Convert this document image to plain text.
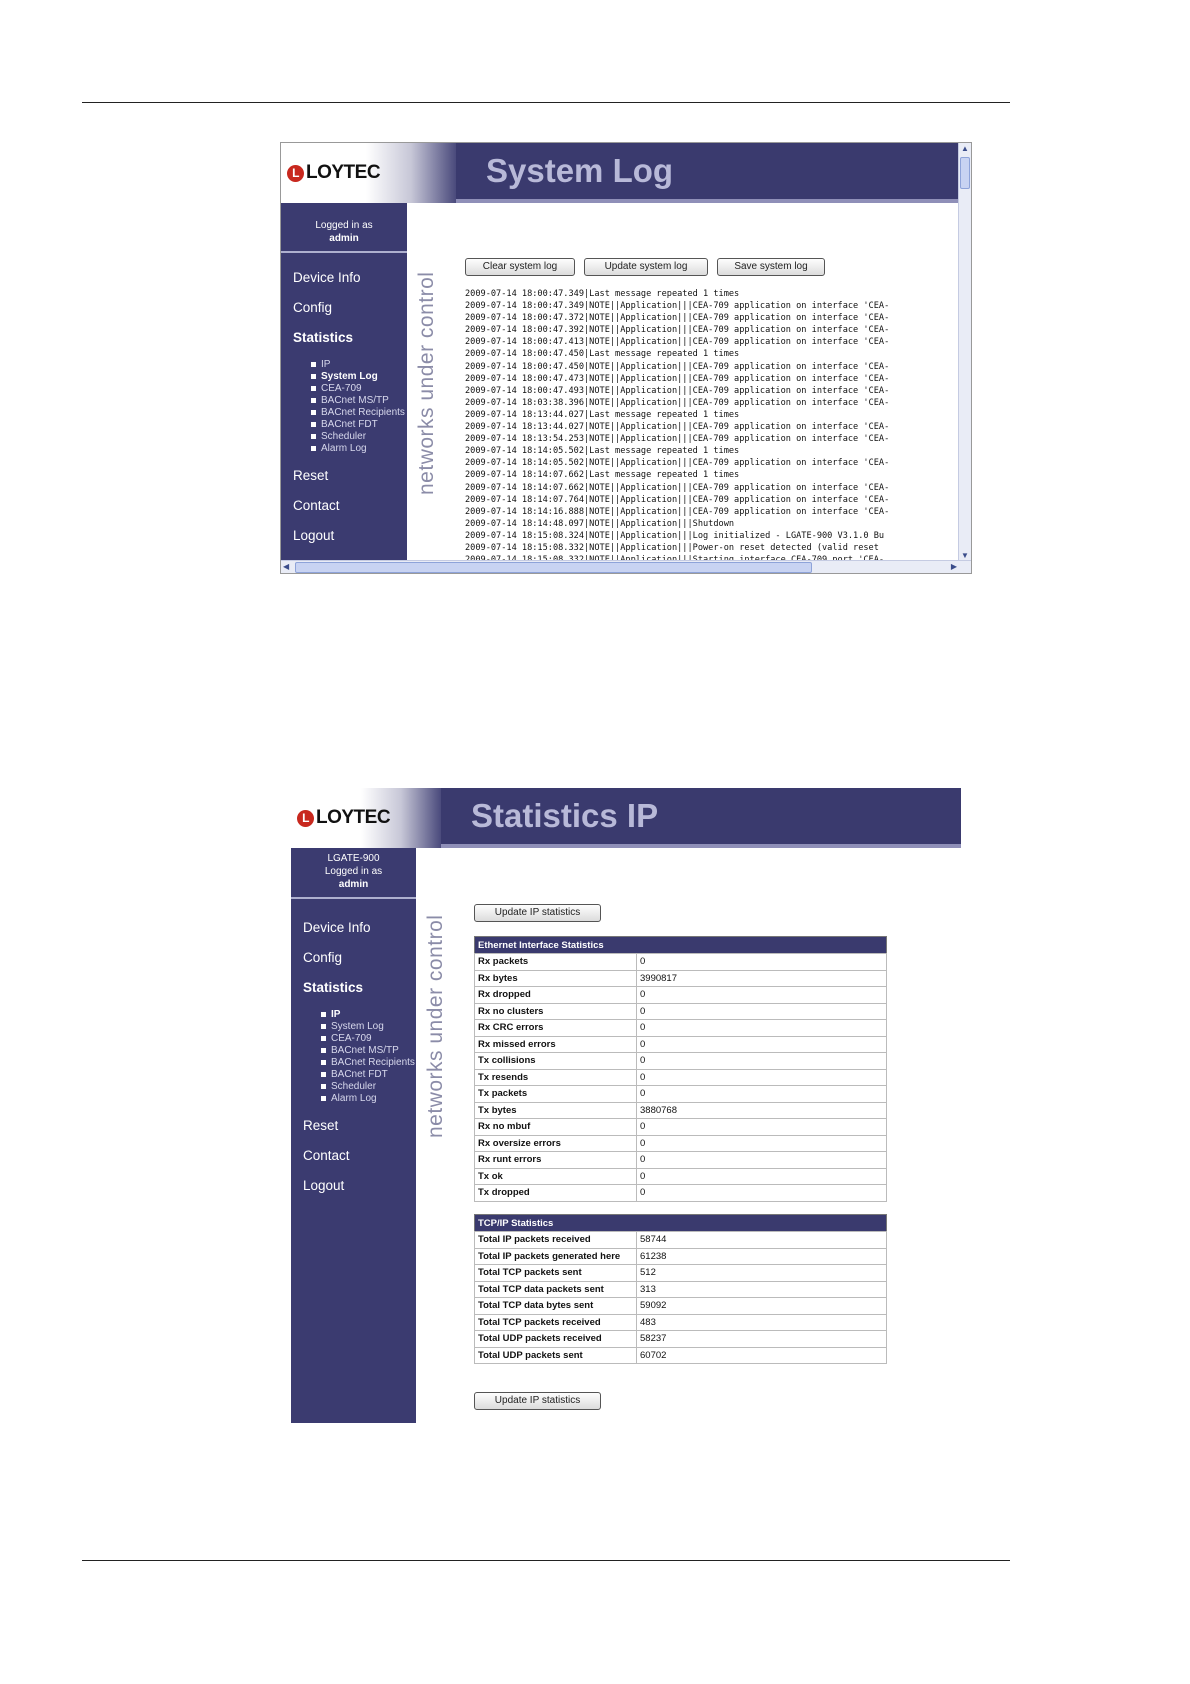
L LOYTEC	System Log
Logged in as
admin
Device Info
Config
Statistics
IP
System Log
CEA-709
BACnet MS/TP
BACnet Recipients
BACnet FDT
Scheduler
Alarm Log
Reset
Contact
Logout
networks under control
Clear system log	Update system log	Save system log
2009-07-14 18:00:47.349|Last message repeated 1 times
2009-07-14 18:00:47.349|NOTE||Application|||CEA-709 application on interface 'CEA-
2009-07-14 18:00:47.372|NOTE||Application|||CEA-709 application on interface 'CEA-
2009-07-14 18:00:47.392|NOTE||Application|||CEA-709 application on interface 'CEA-
2009-07-14 18:00:47.413|NOTE||Application|||CEA-709 application on interface 'CEA-
2009-07-14 18:00:47.450|Last message repeated 1 times
2009-07-14 18:00:47.450|NOTE||Application|||CEA-709 application on interface 'CEA-
2009-07-14 18:00:47.473|NOTE||Application|||CEA-709 application on interface 'CEA-
2009-07-14 18:00:47.493|NOTE||Application|||CEA-709 application on interface 'CEA-
2009-07-14 18:03:38.396|NOTE||Application|||CEA-709 application on interface 'CEA-
2009-07-14 18:13:44.027|Last message repeated 1 times
2009-07-14 18:13:44.027|NOTE||Application|||CEA-709 application on interface 'CEA-
2009-07-14 18:13:54.253|NOTE||Application|||CEA-709 application on interface 'CEA-
2009-07-14 18:14:05.502|Last message repeated 1 times
2009-07-14 18:14:05.502|NOTE||Application|||CEA-709 application on interface 'CEA-
2009-07-14 18:14:07.662|Last message repeated 1 times
2009-07-14 18:14:07.662|NOTE||Application|||CEA-709 application on interface 'CEA-
2009-07-14 18:14:07.764|NOTE||Application|||CEA-709 application on interface 'CEA-
2009-07-14 18:14:16.888|NOTE||Application|||CEA-709 application on interface 'CEA-
2009-07-14 18:14:48.097|NOTE||Application|||Shutdown
2009-07-14 18:15:08.324|NOTE||Application|||Log initialized - LGATE-900 V3.1.0 Bu
2009-07-14 18:15:08.332|NOTE||Application|||Power-on reset detected (valid reset
▲
▼
◀	▶
L LOYTEC	Statistics IP
LGATE-900
Logged in as
admin
Device Info
Config
Statistics
IP
System Log
CEA-709
BACnet MS/TP
BACnet Recipients
BACnet FDT
Scheduler
Alarm Log
Reset
Contact
Logout
networks under control
Update IP statistics
Ethernet Interface Statistics	
Rx packets	0
Rx bytes	3990817
Rx dropped	0
Rx no clusters	0
Rx CRC errors	0
Rx missed errors	0
Tx collisions	0
Tx resends	0
Tx packets	0
Tx bytes	3880768
Rx no mbuf	0
Rx oversize errors	0
Rx runt errors	0
Tx ok	0
Tx dropped	0
TCP/IP Statistics	
Total IP packets received	58744
Total IP packets generated here	61238
Total TCP packets sent	512
Total TCP data packets sent	313
Total TCP data bytes sent	59092
Total TCP packets received	483
Total UDP packets received	58237
Total UDP packets sent	60702
Update IP statistics
